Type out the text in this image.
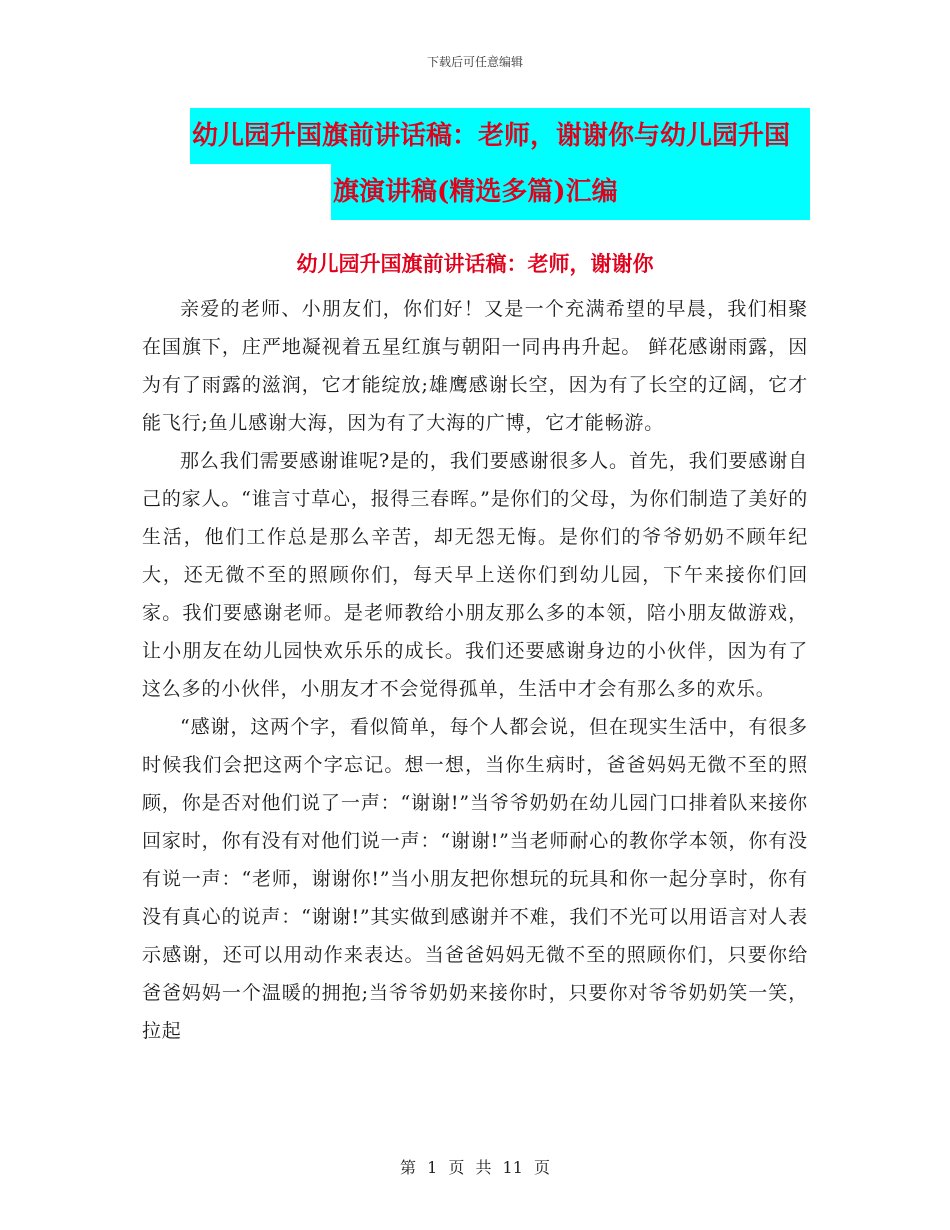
下载后可任意编辑
幼儿园升国旗前讲话稿：老师，谢谢你与幼儿园升国
旗演讲稿(精选多篇)汇编
幼儿园升国旗前讲话稿：老师，谢谢你

亲爱的老师、小朋友们，你们好！又是一个充满希望的早晨，我们相聚在国旗下，庄严地凝视着五星红旗与朝阳一同冉冉升起。 鲜花感谢雨露，因为有了雨露的滋润，它才能绽放;雄鹰感谢长空，因为有了长空的辽阔，它才能飞行;鱼儿感谢大海，因为有了大海的广博，它才能畅游。

那么我们需要感谢谁呢?是的，我们要感谢很多人。首先，我们要感谢自己的家人。“谁言寸草心，报得三春晖。”是你们的父母，为你们制造了美好的生活，他们工作总是那么辛苦，却无怨无悔。是你们的爷爷奶奶不顾年纪大，还无微不至的照顾你们，每天早上送你们到幼儿园，下午来接你们回家。我们要感谢老师。是老师教给小朋友那么多的本领，陪小朋友做游戏，让小朋友在幼儿园快欢乐乐的成长。我们还要感谢身边的小伙伴，因为有了这么多的小伙伴，小朋友才不会觉得孤单，生活中才会有那么多的欢乐。

“感谢，这两个字，看似简单，每个人都会说，但在现实生活中，有很多时候我们会把这两个字忘记。想一想，当你生病时，爸爸妈妈无微不至的照顾，你是否对他们说了一声：“谢谢!”当爷爷奶奶在幼儿园门口排着队来接你回家时，你有没有对他们说一声：“谢谢!”当老师耐心的教你学本领，你有没有说一声：“老师，谢谢你!”当小朋友把你想玩的玩具和你一起分享时，你有没有真心的说声：“谢谢!”其实做到感谢并不难，我们不光可以用语言对人表示感谢，还可以用动作来表达。当爸爸妈妈无微不至的照顾你们，只要你给爸爸妈妈一个温暖的拥抱;当爷爷奶奶来接你时，只要你对爷爷奶奶笑一笑，拉起

第 1 页 共 11 页
